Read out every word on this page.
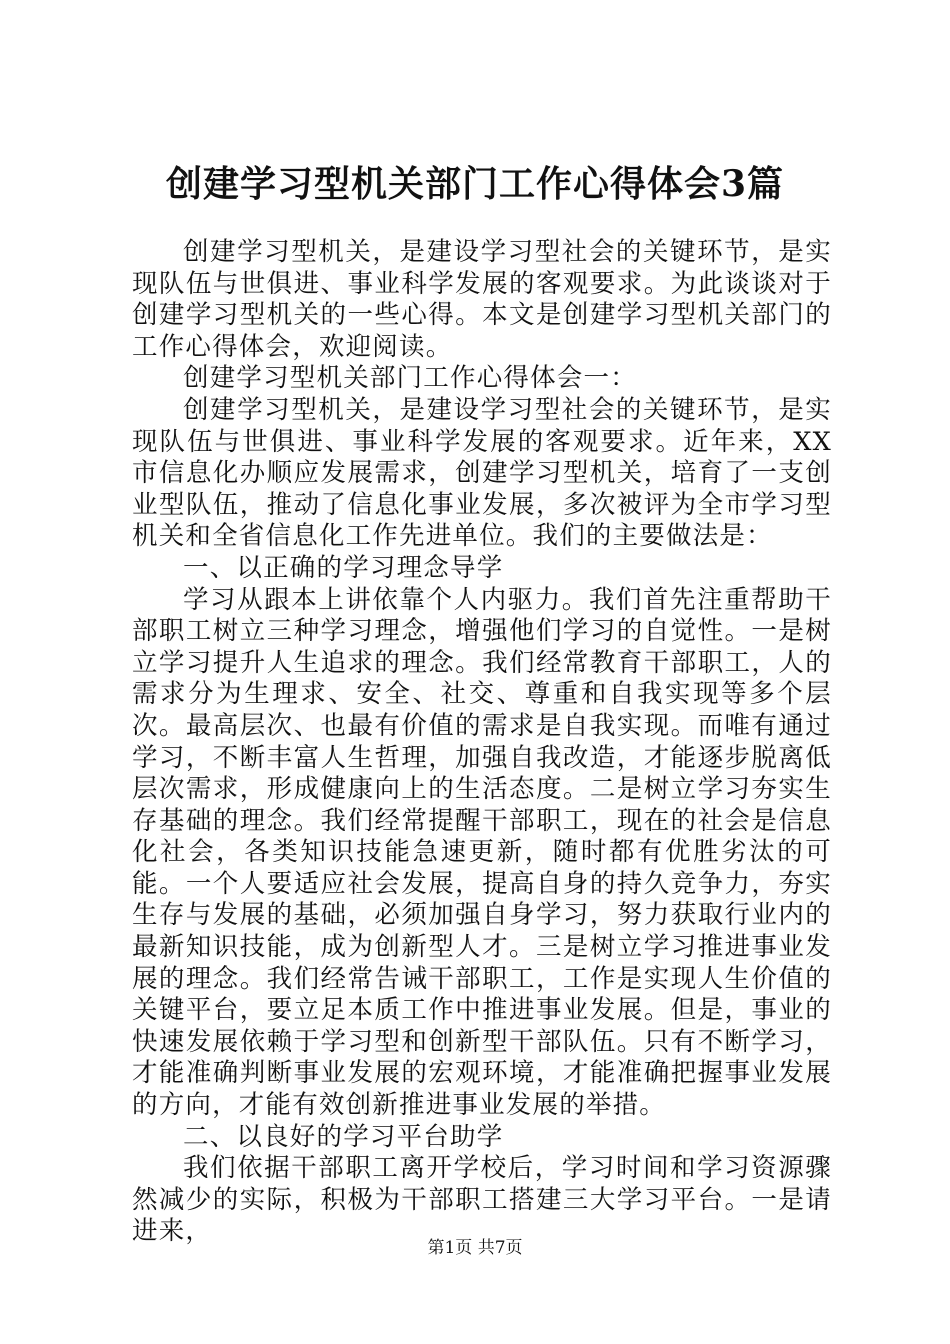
创建学习型机关部门工作心得体会3篇

创建学习型机关，是建设学习型社会的关键环节，是实现队伍与世俱进、事业科学发展的客观要求。为此谈谈对于创建学习型机关的一些心得。本文是创建学习型机关部门的工作心得体会，欢迎阅读。

创建学习型机关部门工作心得体会一：

创建学习型机关，是建设学习型社会的关键环节，是实现队伍与世俱进、事业科学发展的客观要求。近年来，XX市信息化办顺应发展需求，创建学习型机关，培育了一支创业型队伍，推动了信息化事业发展，多次被评为全市学习型机关和全省信息化工作先进单位。我们的主要做法是：

一、以正确的学习理念导学

学习从跟本上讲依靠个人内驱力。我们首先注重帮助干部职工树立三种学习理念，增强他们学习的自觉性。一是树立学习提升人生追求的理念。我们经常教育干部职工，人的需求分为生理求、安全、社交、尊重和自我实现等多个层次。最高层次、也最有价值的需求是自我实现。而唯有通过学习，不断丰富人生哲理，加强自我改造，才能逐步脱离低层次需求，形成健康向上的生活态度。二是树立学习夯实生存基础的理念。我们经常提醒干部职工，现在的社会是信息化社会，各类知识技能急速更新，随时都有优胜劣汰的可能。一个人要适应社会发展，提高自身的持久竞争力，夯实生存与发展的基础，必须加强自身学习，努力获取行业内的最新知识技能，成为创新型人才。三是树立学习推进事业发展的理念。我们经常告诫干部职工，工作是实现人生价值的关键平台，要立足本质工作中推进事业发展。但是，事业的快速发展依赖于学习型和创新型干部队伍。只有不断学习，才能准确判断事业发展的宏观环境，才能准确把握事业发展的方向，才能有效创新推进事业发展的举措。

二、以良好的学习平台助学

我们依据干部职工离开学校后，学习时间和学习资源骤然减少的实际，积极为干部职工搭建三大学习平台。一是请进来，

第1页 共7页
